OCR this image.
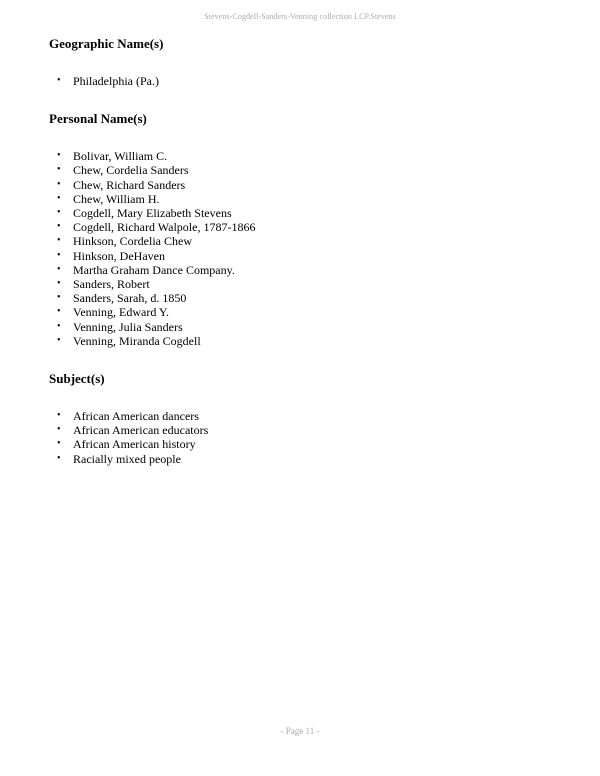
Stevens-Cogdell-Sanders-Venning collection LCP.Stevens
Geographic Name(s)
• Philadelphia (Pa.)
Personal Name(s)
• Bolivar, William C.
• Chew, Cordelia Sanders
• Chew, Richard Sanders
• Chew, William H.
• Cogdell, Mary Elizabeth Stevens
• Cogdell, Richard Walpole, 1787-1866
• Hinkson, Cordelia Chew
• Hinkson, DeHaven
• Martha Graham Dance Company.
• Sanders, Robert
• Sanders, Sarah, d. 1850
• Venning, Edward Y.
• Venning, Julia Sanders
• Venning, Miranda Cogdell
Subject(s)
• African American dancers
• African American educators
• African American history
• Racially mixed people
- Page 11 -
